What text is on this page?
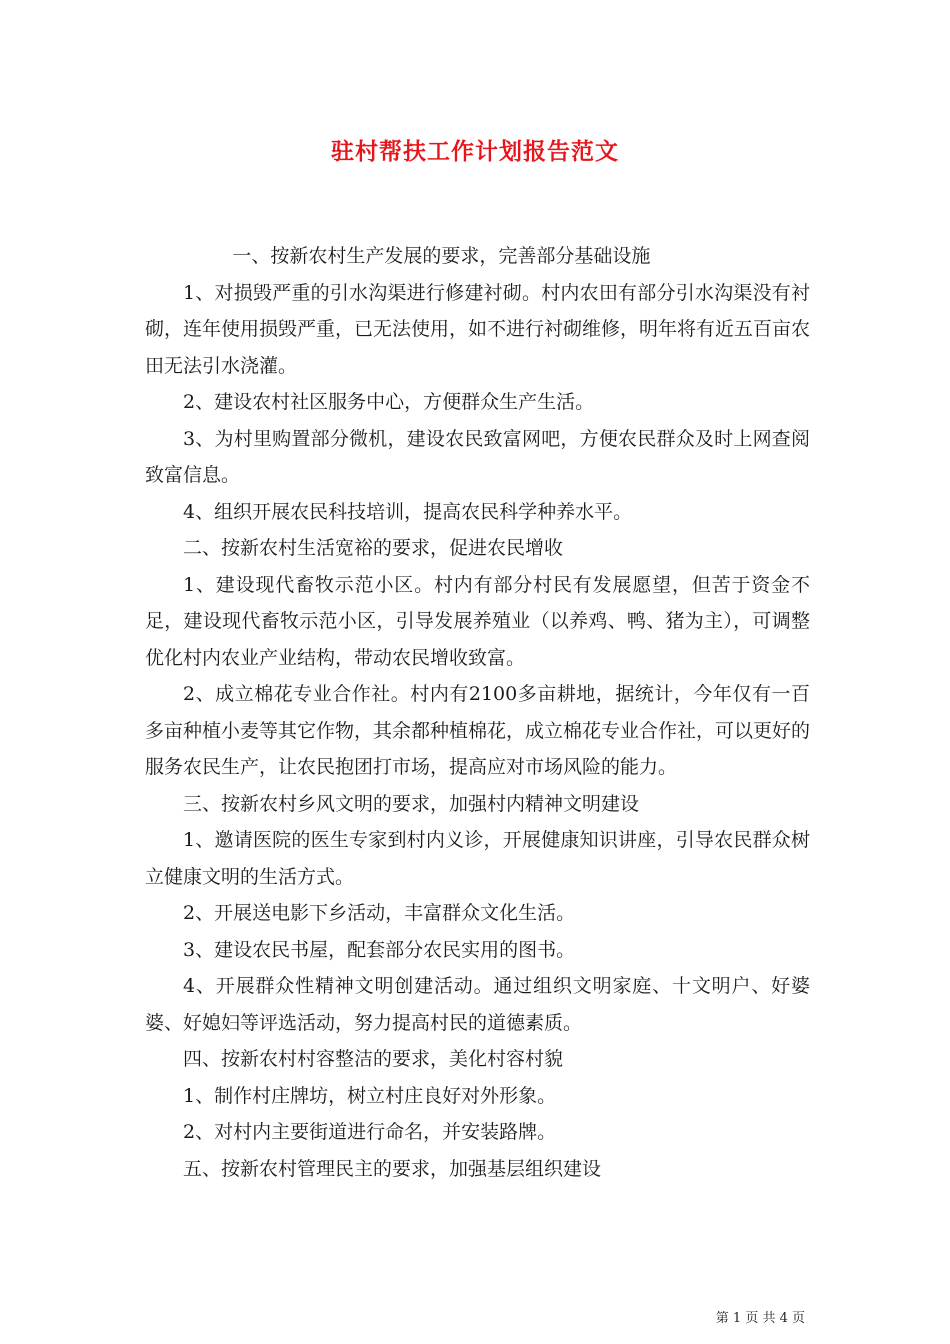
驻村帮扶工作计划报告范文

一、按新农村生产发展的要求，完善部分基础设施

1、对损毁严重的引水沟渠进行修建衬砌。村内农田有部分引水沟渠没有衬砌，连年使用损毁严重，已无法使用，如不进行衬砌维修，明年将有近五百亩农田无法引水浇灌。

2、建设农村社区服务中心，方便群众生产生活。

3、为村里购置部分微机，建设农民致富网吧，方便农民群众及时上网查阅致富信息。

4、组织开展农民科技培训，提高农民科学种养水平。

二、按新农村生活宽裕的要求，促进农民增收

1、建设现代畜牧示范小区。村内有部分村民有发展愿望，但苦于资金不足，建设现代畜牧示范小区，引导发展养殖业（以养鸡、鸭、猪为主），可调整优化村内农业产业结构，带动农民增收致富。

2、成立棉花专业合作社。村内有2100多亩耕地，据统计，今年仅有一百多亩种植小麦等其它作物，其余都种植棉花，成立棉花专业合作社，可以更好的服务农民生产，让农民抱团打市场，提高应对市场风险的能力。

三、按新农村乡风文明的要求，加强村内精神文明建设

1、邀请医院的医生专家到村内义诊，开展健康知识讲座，引导农民群众树立健康文明的生活方式。

2、开展送电影下乡活动，丰富群众文化生活。

3、建设农民书屋，配套部分农民实用的图书。

4、开展群众性精神文明创建活动。通过组织文明家庭、十文明户、好婆婆、好媳妇等评选活动，努力提高村民的道德素质。

四、按新农村村容整洁的要求，美化村容村貌

1、制作村庄牌坊，树立村庄良好对外形象。

2、对村内主要街道进行命名，并安装路牌。

五、按新农村管理民主的要求，加强基层组织建设

第 1 页 共 4 页
